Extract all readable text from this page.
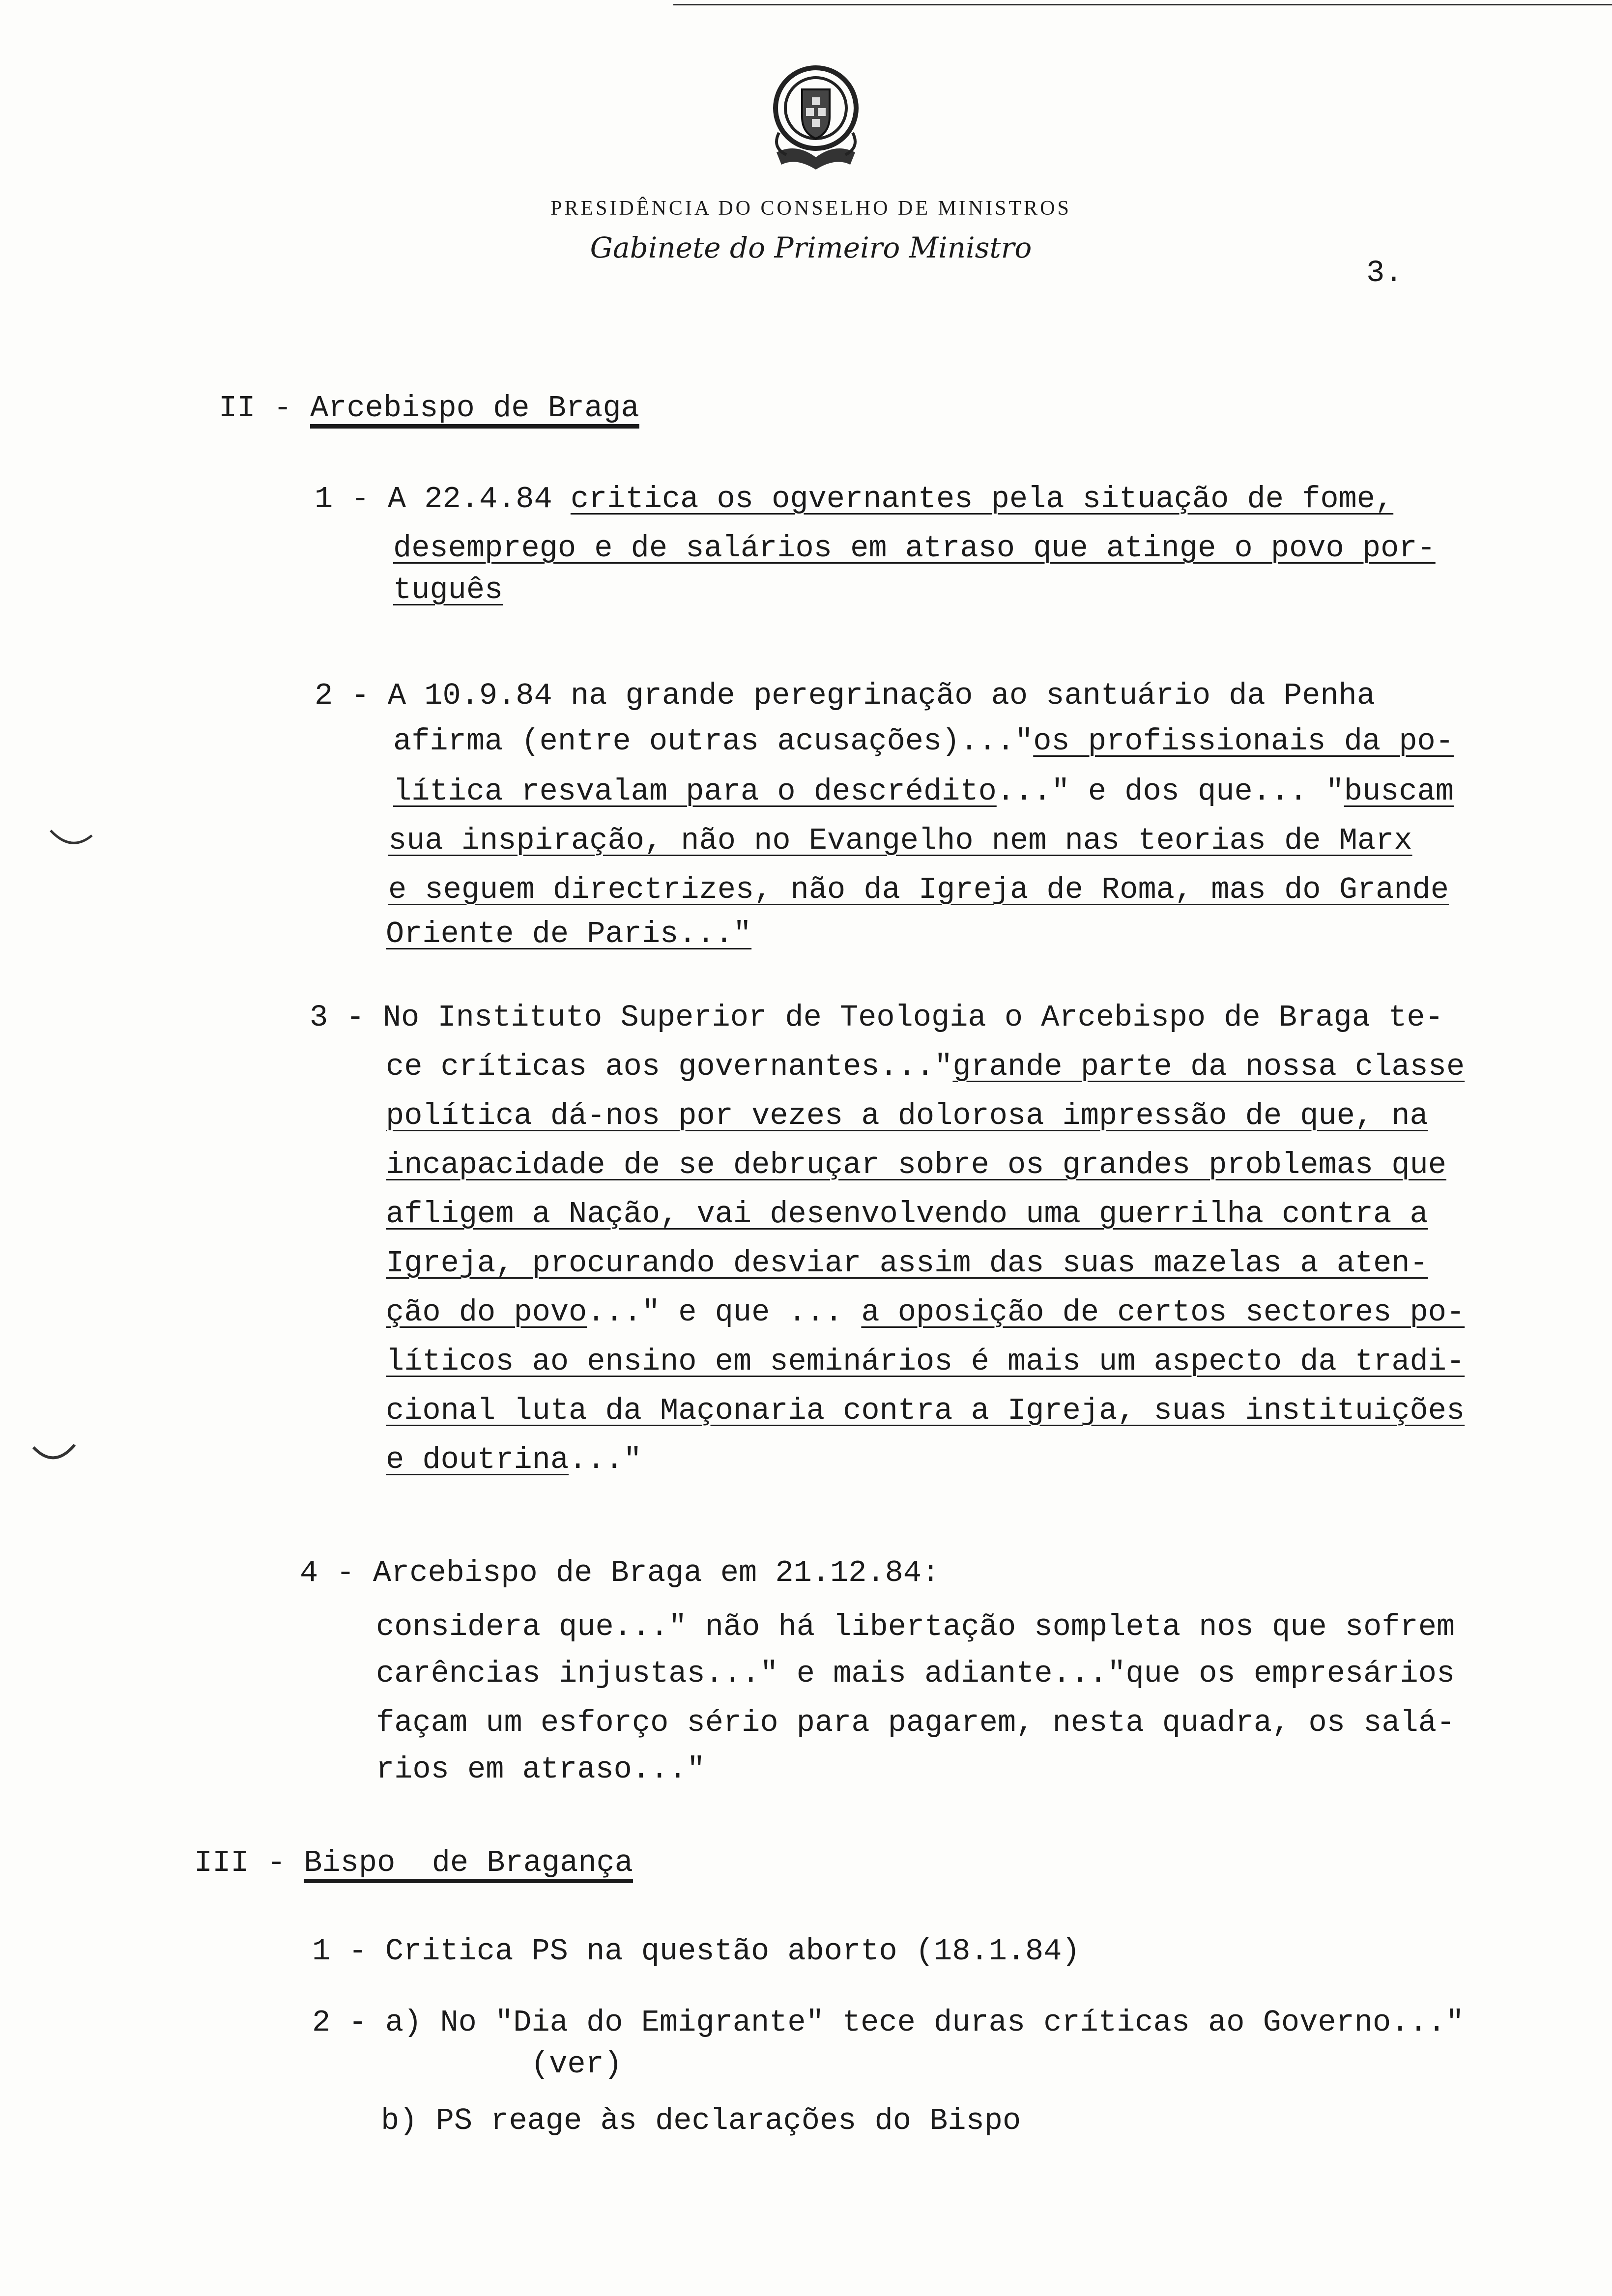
PRESIDÊNCIA DO CONSELHO DE MINISTROS
Gabinete do Primeiro Ministro
3.
II - Arcebispo de Braga
1 - A 22.4.84 critica os ogvernantes pela situação de fome,
desemprego e de salários em atraso que atinge o povo por-
tuguês
2 - A 10.9.84 na grande peregrinação ao santuário da Penha
afirma (entre outras acusações)..."os profissionais da po-
lítica resvalam para o descrédito..." e dos que... "buscam
sua inspiração, não no Evangelho nem nas teorias de Marx
e seguem directrizes, não da Igreja de Roma, mas do Grande
Oriente de Paris..."
3 - No Instituto Superior de Teologia o Arcebispo de Braga te-
ce críticas aos governantes..."grande parte da nossa classe
política dá-nos por vezes a dolorosa impressão de que, na
incapacidade de se debruçar sobre os grandes problemas que
afligem a Nação, vai desenvolvendo uma guerrilha contra a
Igreja, procurando desviar assim das suas mazelas a aten-
ção do povo..." e que ... a oposição de certos sectores po-
líticos ao ensino em seminários é mais um aspecto da tradi-
cional luta da Maçonaria contra a Igreja, suas instituições
e doutrina..."
4 - Arcebispo de Braga em 21.12.84:
considera que..." não há libertação sompleta nos que sofrem
carências injustas..." e mais adiante..."que os empresários
façam um esforço sério para pagarem, nesta quadra, os salá-
rios em atraso..."
III - Bispo  de Bragança
1 - Critica PS na questão aborto (18.1.84)
2 - a) No "Dia do Emigrante" tece duras críticas ao Governo..."
(ver)
b) PS reage às declarações do Bispo
